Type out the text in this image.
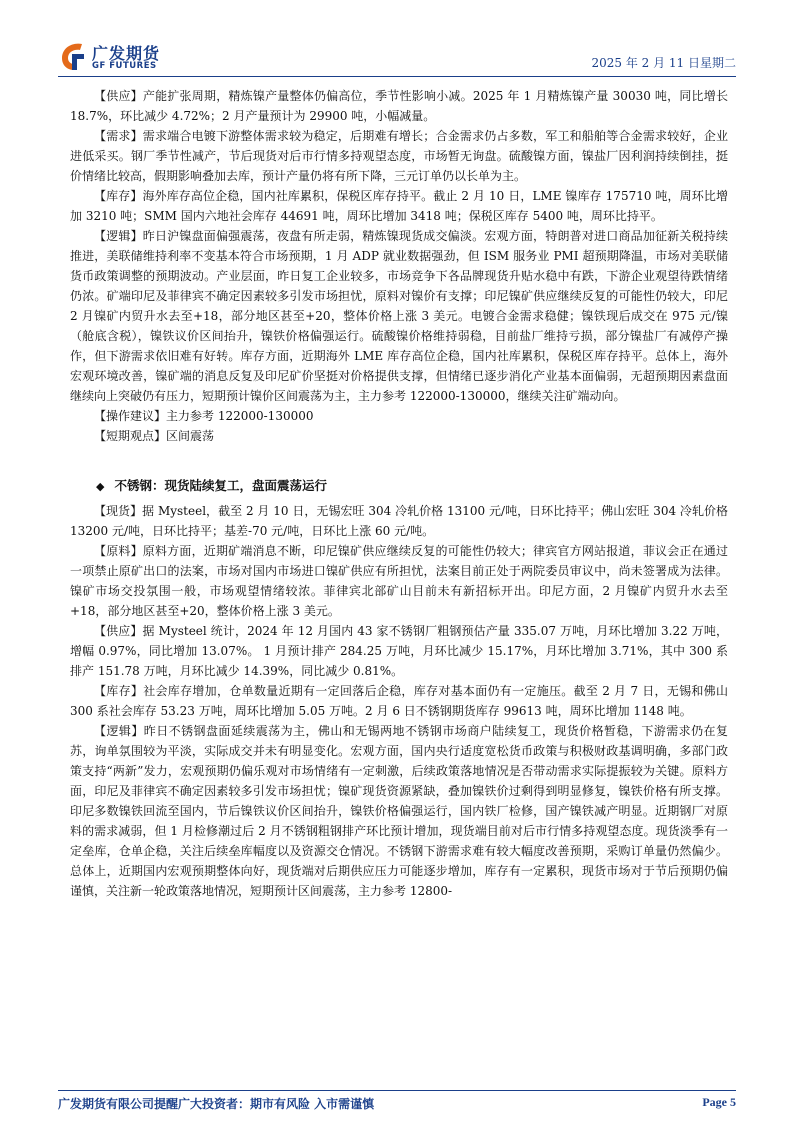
广发期货
GF FUTURES	2025 年 2 月 11 日星期二

【供应】产能扩张周期，精炼镍产量整体仍偏高位，季节性影响小减。2025 年 1 月精炼镍产量 30030 吨，同比增长 18.7%，环比减少 4.72%；2 月产量预计为 29900 吨，小幅减量。

【需求】需求端合电镀下游整体需求较为稳定，后期难有增长；合金需求仍占多数，军工和船舶等合金需求较好，企业进低采买。钢厂季节性减产，节后现货对后市行情多持观望态度，市场暂无询盘。硫酸镍方面，镍盐厂因利润持续倒挂，挺价情绪比较高，假期影响叠加去库，预计产量仍将有所下降，三元订单仍以长单为主。

【库存】海外库存高位企稳，国内社库累积，保税区库存持平。截止 2 月 10 日，LME 镍库存 175710 吨，周环比增加 3210 吨；SMM 国内六地社会库存 44691 吨，周环比增加 3418 吨；保税区库存 5400 吨，周环比持平。

【逻辑】昨日沪镍盘面偏强震荡，夜盘有所走弱，精炼镍现货成交偏淡。宏观方面，特朗普对进口商品加征新关税持续推进，美联储维持利率不变基本符合市场预期，1 月 ADP 就业数据强劲，但 ISM 服务业 PMI 超预期降温，市场对美联储货币政策调整的预期波动。产业层面，昨日复工企业较多，市场竞争下各品牌现货升贴水稳中有跌，下游企业观望待跌情绪仍浓。矿端印尼及菲律宾不确定因素较多引发市场担忧，原料对镍价有支撑；印尼镍矿供应继续反复的可能性仍较大，印尼 2 月镍矿内贸升水去至+18，部分地区甚至+20，整体价格上涨 3 美元。电镀合金需求稳健；镍铁现后成交在 975 元/镍（舱底含税），镍铁议价区间抬升，镍铁价格偏强运行。硫酸镍价格维持弱稳，目前盐厂维持亏损，部分镍盐厂有减停产操作，但下游需求依旧难有好转。库存方面，近期海外 LME 库存高位企稳，国内社库累积，保税区库存持平。总体上，海外宏观环境改善，镍矿端的消息反复及印尼矿价坚挺对价格提供支撑，但情绪已逐步消化产业基本面偏弱，无超预期因素盘面继续向上突破仍有压力，短期预计镍价区间震荡为主，主力参考 122000-130000，继续关注矿端动向。

【操作建议】主力参考 122000-130000

【短期观点】区间震荡

◆ 不锈钢：现货陆续复工，盘面震荡运行

【现货】据 Mysteel，截至 2 月 10 日，无锡宏旺 304 冷轧价格 13100 元/吨，日环比持平；佛山宏旺 304 冷轧价格 13200 元/吨，日环比持平；基差-70 元/吨，日环比上涨 60 元/吨。

【原料】原料方面，近期矿端消息不断，印尼镍矿供应继续反复的可能性仍较大；律宾官方网站报道，菲议会正在通过一项禁止原矿出口的法案，市场对国内市场进口镍矿供应有所担忧，法案目前正处于两院委员审议中，尚未签署成为法律。镍矿市场交投氛围一般，市场观望情绪较浓。菲律宾北部矿山目前未有新招标开出。印尼方面，2 月镍矿内贸升水去至+18，部分地区甚至+20，整体价格上涨 3 美元。

【供应】据 Mysteel 统计，2024 年 12 月国内 43 家不锈钢厂粗钢预估产量 335.07 万吨，月环比增加 3.22 万吨，增幅 0.97%，同比增加 13.07%。 1 月预计排产 284.25 万吨，月环比减少 15.17%，月环比增加 3.71%，其中 300 系排产 151.78 万吨，月环比减少 14.39%，同比减少 0.81%。

【库存】社会库存增加，仓单数量近期有一定回落后企稳，库存对基本面仍有一定施压。截至 2 月 7 日，无锡和佛山 300 系社会库存 53.23 万吨，周环比增加 5.05 万吨。2 月 6 日不锈钢期货库存 99613 吨，周环比增加 1148 吨。

【逻辑】昨日不锈钢盘面延续震荡为主，佛山和无锡两地不锈钢市场商户陆续复工，现货价格暂稳，下游需求仍在复苏，询单氛围较为平淡，实际成交并未有明显变化。宏观方面，国内央行适度宽松货币政策与积极财政基调明确，多部门政策支持“两新”发力，宏观预期仍偏乐观对市场情绪有一定刺激，后续政策落地情况是否带动需求实际提振较为关键。原料方面，印尼及菲律宾不确定因素较多引发市场担忧；镍矿现货资源紧缺，叠加镍铁价过剩得到明显修复，镍铁价格有所支撑。印尼多数镍铁回流至国内，节后镍铁议价区间抬升，镍铁价格偏强运行，国内铁厂检修，国产镍铁减产明显。近期钢厂对原料的需求减弱，但 1 月检修潮过后 2 月不锈钢粗钢排产环比预计增加，现货端目前对后市行情多持观望态度。现货淡季有一定垒库，仓单企稳，关注后续垒库幅度以及资源交仓情况。不锈钢下游需求难有较大幅度改善预期，采购订单量仍然偏少。总体上，近期国内宏观预期整体向好，现货端对后期供应压力可能逐步增加，库存有一定累积，现货市场对于节后预期仍偏谨慎，关注新一轮政策落地情况，短期预计区间震荡，主力参考 12800-

广发期货有限公司提醒广大投资者：期市有风险 入市需谨慎	Page 5
